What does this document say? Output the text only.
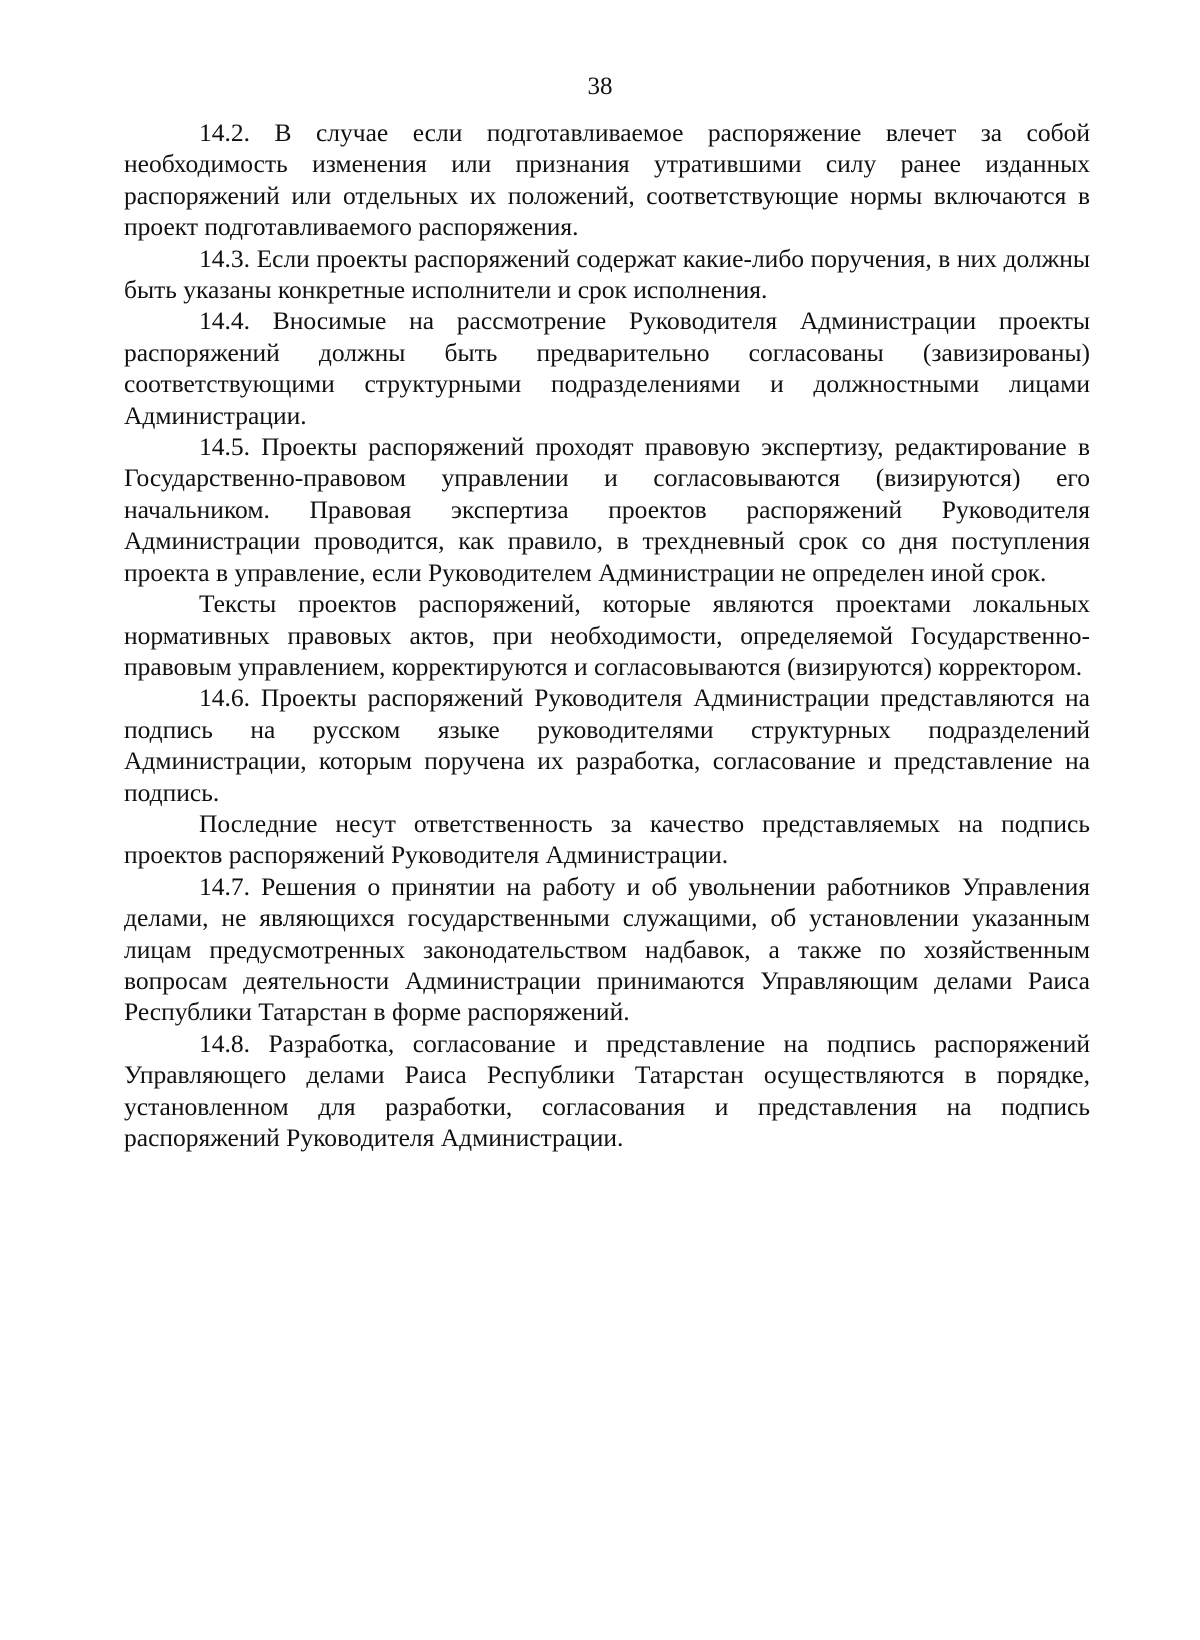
38

14.2. В случае если подготавливаемое распоряжение влечет за собой необходимость изменения или признания утратившими силу ранее изданных распоряжений или отдельных их положений, соответствующие нормы включаются в проект подготавливаемого распоряжения.

14.3. Если проекты распоряжений содержат какие-либо поручения, в них должны быть указаны конкретные исполнители и срок исполнения.

14.4. Вносимые на рассмотрение Руководителя Администрации проекты распоряжений должны быть предварительно согласованы (завизированы) соответствующими структурными подразделениями и должностными лицами Администрации.

14.5. Проекты распоряжений проходят правовую экспертизу, редактирование в Государственно-правовом управлении и согласовываются (визируются) его начальником. Правовая экспертиза проектов распоряжений Руководителя Администрации проводится, как правило, в трехдневный срок со дня поступления проекта в управление, если Руководителем Администрации не определен иной срок.

Тексты проектов распоряжений, которые являются проектами локальных нормативных правовых актов, при необходимости, определяемой Государственно-правовым управлением, корректируются и согласовываются (визируются) корректором.

14.6. Проекты распоряжений Руководителя Администрации представляются на подпись на русском языке руководителями структурных подразделений Администрации, которым поручена их разработка, согласование и представление на подпись.

Последние несут ответственность за качество представляемых на подпись проектов распоряжений Руководителя Администрации.

14.7. Решения о принятии на работу и об увольнении работников Управления делами, не являющихся государственными служащими, об установлении указанным лицам предусмотренных законодательством надбавок, а также по хозяйственным вопросам деятельности Администрации принимаются Управляющим делами Раиса Республики Татарстан в форме распоряжений.

14.8. Разработка, согласование и представление на подпись распоряжений Управляющего делами Раиса Республики Татарстан осуществляются в порядке, установленном для разработки, согласования и представления на подпись распоряжений Руководителя Администрации.
